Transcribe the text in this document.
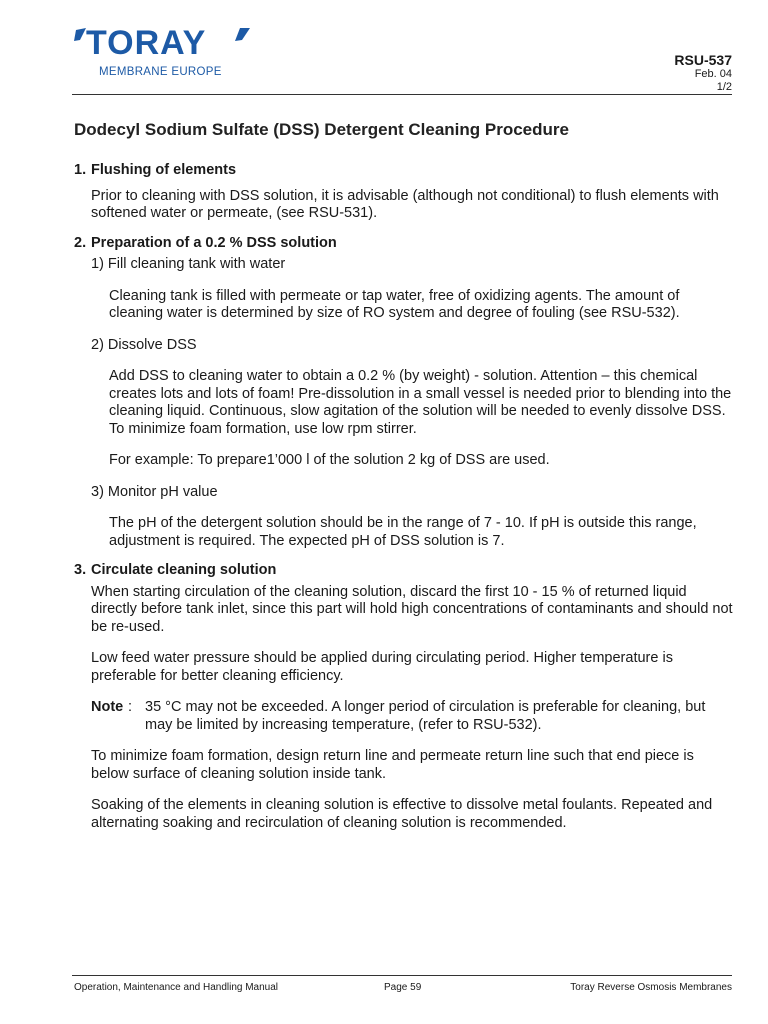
TORAY
MEMBRANE EUROPE
RSU-537
Feb. 04
1/2
Dodecyl Sodium Sulfate (DSS) Detergent Cleaning Procedure
1. Flushing of elements

Prior to cleaning with DSS solution, it is advisable (although not conditional) to flush elements with softened water or permeate, (see RSU-531).

2. Preparation of a 0.2 % DSS solution

1) Fill cleaning tank with water

Cleaning tank is filled with permeate or tap water, free of oxidizing agents. The amount of cleaning water is determined by size of RO system and degree of fouling (see RSU-532).

2) Dissolve DSS

Add DSS to cleaning water to obtain a 0.2 % (by weight) - solution. Attention – this chemical creates lots and lots of foam! Pre-dissolution in a small vessel is needed prior to blending into the cleaning liquid. Continuous, slow agitation of the solution will be needed to evenly dissolve DSS. To minimize foam formation, use low rpm stirrer.

For example: To prepare1’000 l of the solution 2 kg of DSS are used.

3) Monitor pH value

The pH of the detergent solution should be in the range of 7 - 10. If pH is outside this range, adjustment is required. The expected pH of DSS solution is 7.

3. Circulate cleaning solution

When starting circulation of the cleaning solution, discard the first 10 - 15 % of returned liquid directly before tank inlet, since this part will hold high concentrations of contaminants and should not be re-used.

Low feed water pressure should be applied during circulating period. Higher temperature is preferable for better cleaning efficiency.

Note : 35 °C may not be exceeded. A longer period of circulation is preferable for cleaning, but may be limited by increasing temperature, (refer to RSU-532).

To minimize foam formation, design return line and permeate return line such that end piece is below surface of cleaning solution inside tank.

Soaking of the elements in cleaning solution is effective to dissolve metal foulants. Repeated and alternating soaking and recirculation of cleaning solution is recommended.

Operation, Maintenance and Handling Manual	Page 59	Toray Reverse Osmosis Membranes
